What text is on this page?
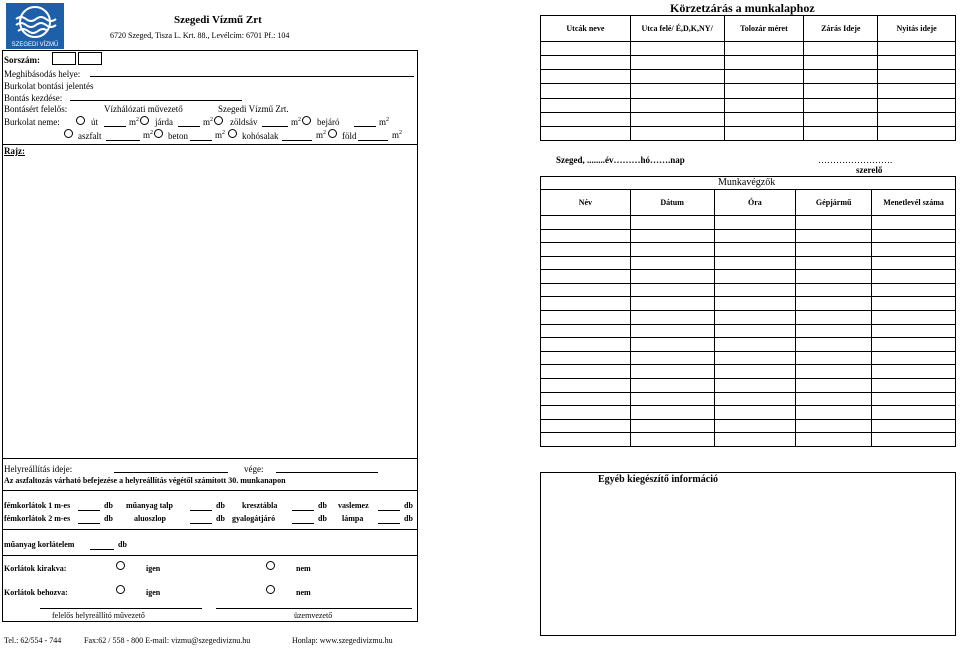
SZEGEDI VÍZMŰ
Szegedi Vízmű Zrt
6720 Szeged, Tisza L. Krt. 88., Levélcím: 6701 Pf.: 104
Sorszám:
Meghibásodás helye:
Burkolat bontási jelentés
Bontás kezdése:
Bontásért felelős:	Vízhálózati művezető	Szegedi Vízmű Zrt.
Burkolat neme:	út	$m^2$ járda	$m^2$ zöldsáv	$m^2$ bejáró	$m^2$
aszfalt	$m^2$ beton	$m^2$ kohósalak	$m^2$ föld	$m^2$
Rajz:
Helyreállítás ideje:	vége:
Az aszfaltozás várható befejezése a helyreállítás végétől számított 30. munkanapon
fémkorlátok 1 m-es	db műanyag talp	db kresztábla	db vaslemez	db
fémkorlátok 2 m-es	db	aluoszlop	db gyalogátjáró	db lámpa	db
műanyag korlátelem	db
Korlátok kirakva:	igen	nem
Korlátok behozva:	igen	nem
felelős helyreállító művezető	üzemvezető
Tel.: 62/554 - 744	Fax:62 / 558 - 800 E-mail: vizmu@szegediviznu.hu	Honlap: www.szegedivizmu.hu
Körzetzárás a munkalaphoz
Utcák neve	Utca felé/ É,D,K,NY/	Tolozár méret	Zárás Ideje	Nyitás ideje

Szeged, ........év………hó…….nap	…………………….
szerelő
Munkavégzők
Név	Dátum	Óra	Gépjármű	Menetlevél száma

Egyéb kiegészítő információ
